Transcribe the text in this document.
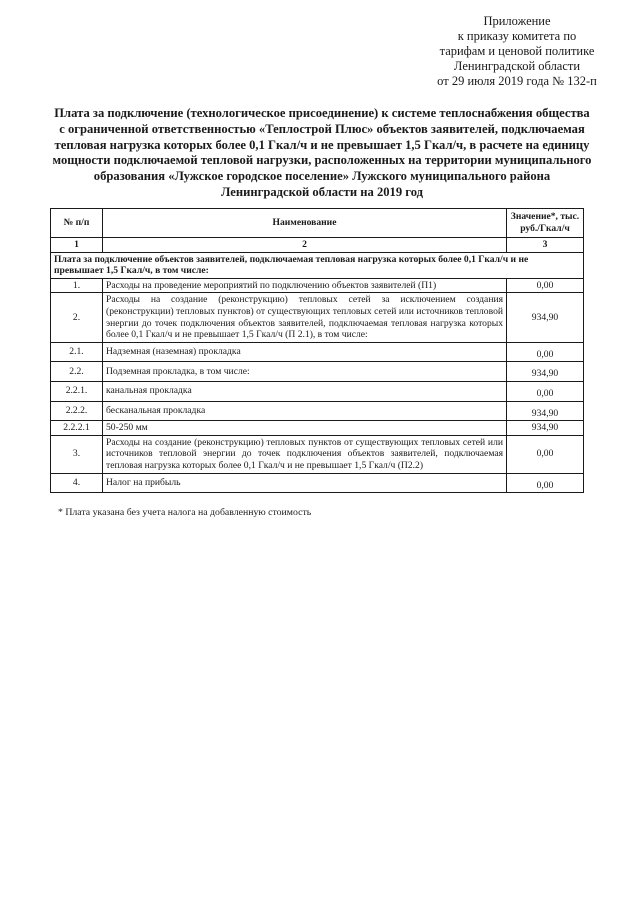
Приложение
к приказу комитета по
тарифам и ценовой политике
Ленинградской области
от 29 июля 2019 года № 132-п
Плата за подключение (технологическое присоединение) к системе теплоснабжения общества
с ограниченной ответственностью «Теплострой Плюс» объектов заявителей, подключаемая
тепловая нагрузка которых более 0,1 Гкал/ч и не превышает 1,5 Гкал/ч, в расчете на единицу
мощности подключаемой тепловой нагрузки, расположенных на территории муниципального
образования «Лужское городское поселение» Лужского муниципального района
Ленинградской области на 2019 год
№ п/п	Наименование	Значение*, тыс. руб./Гкал/ч
1	2	3
Плата за подключение объектов заявителей, подключаемая тепловая нагрузка которых более 0,1 Гкал/ч и не превышает 1,5 Гкал/ч, в том числе:		
1.	Расходы на проведение мероприятий по подключению объектов заявителей (П1)	0,00
2.	Расходы на создание (реконструкцию) тепловых сетей за исключением создания (реконструкции) тепловых пунктов) от существующих тепловых сетей или источников тепловой энергии до точек подключения объектов заявителей, подключаемая тепловая нагрузка которых более 0,1 Гкал/ч и не превышает 1,5 Гкал/ч (П 2.1), в том числе:	934,90
2.1.	Надземная (наземная) прокладка	0,00
2.2.	Подземная прокладка, в том числе:	934,90
2.2.1.	канальная прокладка	0,00
2.2.2.	бесканальная прокладка	934,90
2.2.2.1	50-250 мм	934,90
3.	Расходы на создание (реконструкцию) тепловых пунктов от существующих тепловых сетей или источников тепловой энергии до точек подключения объектов заявителей, подключаемая тепловая нагрузка которых более 0,1 Гкал/ч и не превышает 1,5 Гкал/ч (П2.2)	0,00
4.	Налог на прибыль	0,00
* Плата указана без учета налога на добавленную стоимость
